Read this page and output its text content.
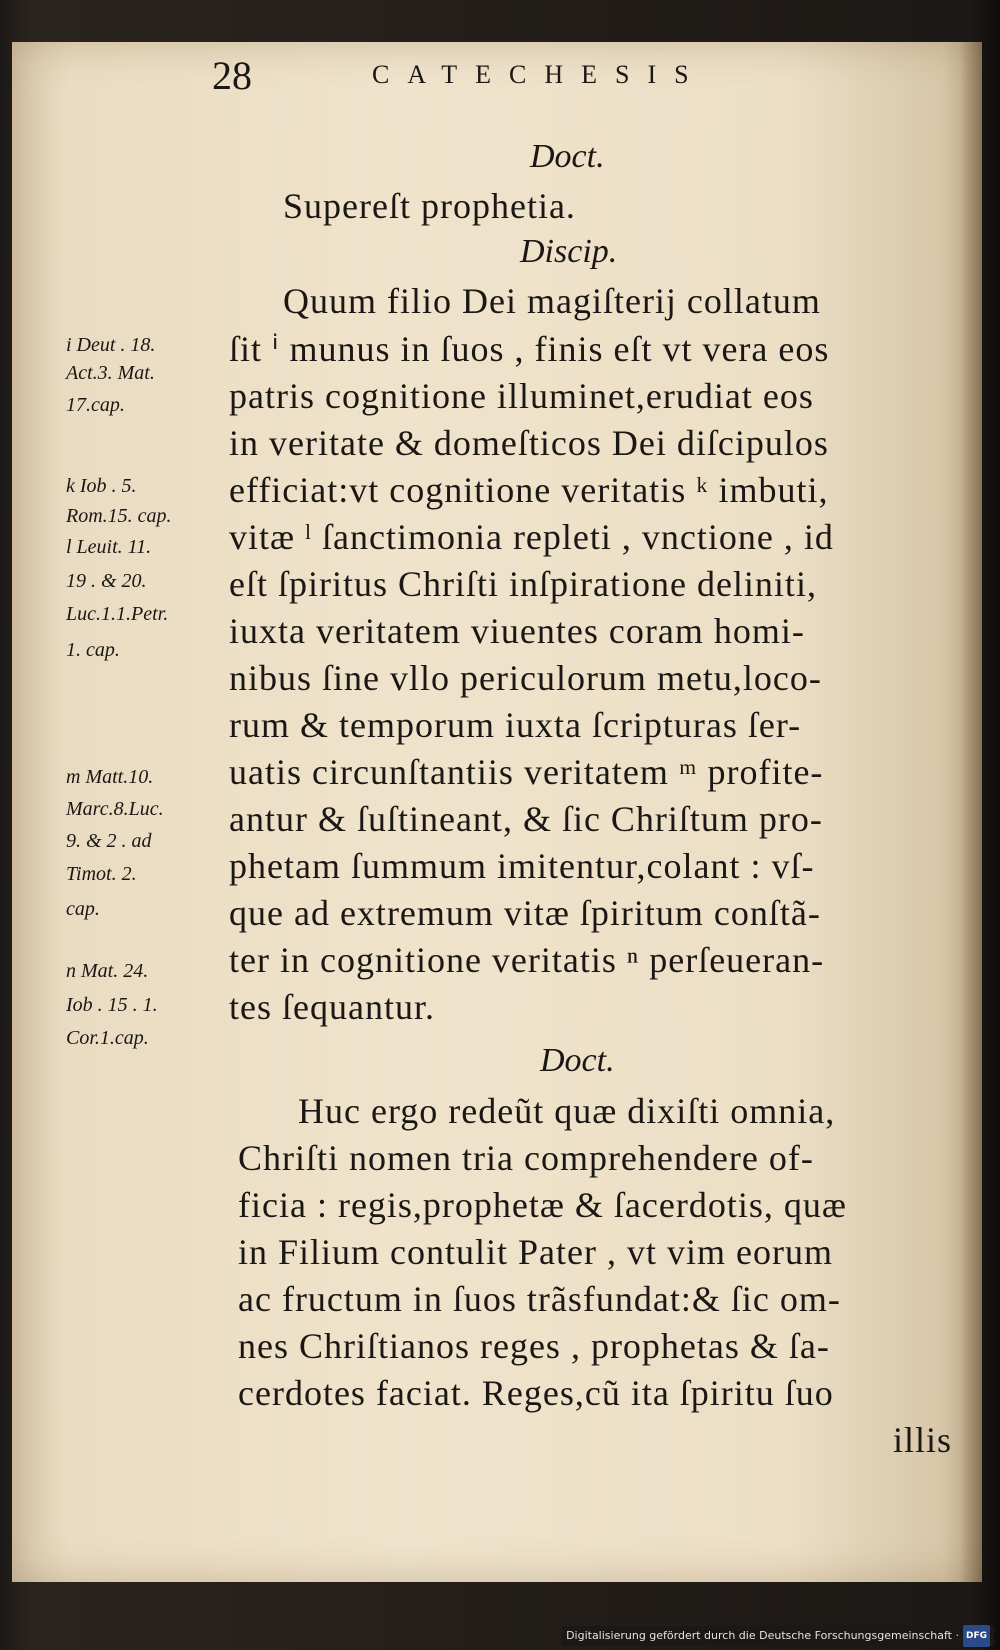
28	CATECHESIS
Doct.
Discip.
Doct.
Supereſt prophetia.
Quum filio Dei magiſterij collatum
ſit ⁱ munus in ſuos , finis eſt vt vera eos
patris cognitione illuminet,erudiat eos
in veritate & domeſticos Dei diſcipulos
efficiat:vt cognitione veritatis ᵏ imbuti,
vitæ ˡ ſanctimonia repleti , vnctione , id
eſt ſpiritus Chriſti inſpiratione deliniti,
iuxta veritatem viuentes coram homi-
nibus ſine vllo periculorum metu,loco-
rum & temporum iuxta ſcripturas ſer-
uatis circunſtantiis veritatem ᵐ profite-
antur & ſuſtineant, & ſic Chriſtum pro-
phetam ſummum imitentur,colant : vſ-
que ad extremum vitæ ſpiritum conſtã-
ter in cognitione veritatis ⁿ perſeueran-
tes ſequantur.
Huc ergo redeũt quæ dixiſti omnia,
Chriſti nomen tria comprehendere of-
ficia : regis,prophetæ & ſacerdotis, quæ
in Filium contulit Pater , vt vim eorum
ac fructum in ſuos trãsfundat:& ſic om-
nes Chriſtianos reges , prophetas & ſa-
cerdotes faciat. Reges,cũ ita ſpiritu ſuo
illis
i Deut . 18.
Act.3. Mat.
17.cap.
k Iob . 5.
Rom.15. cap.
l Leuit. 11.
19 . & 20.
Luc.1.1.Petr.
1. cap.
m Matt.10.
Marc.8.Luc.
9. & 2 . ad
Timot. 2.
cap.
n Mat. 24.
Iob . 15 . 1.
Cor.1.cap.
Digitalisierung gefördert durch die Deutsche Forschungsgemeinschaft · DFG
